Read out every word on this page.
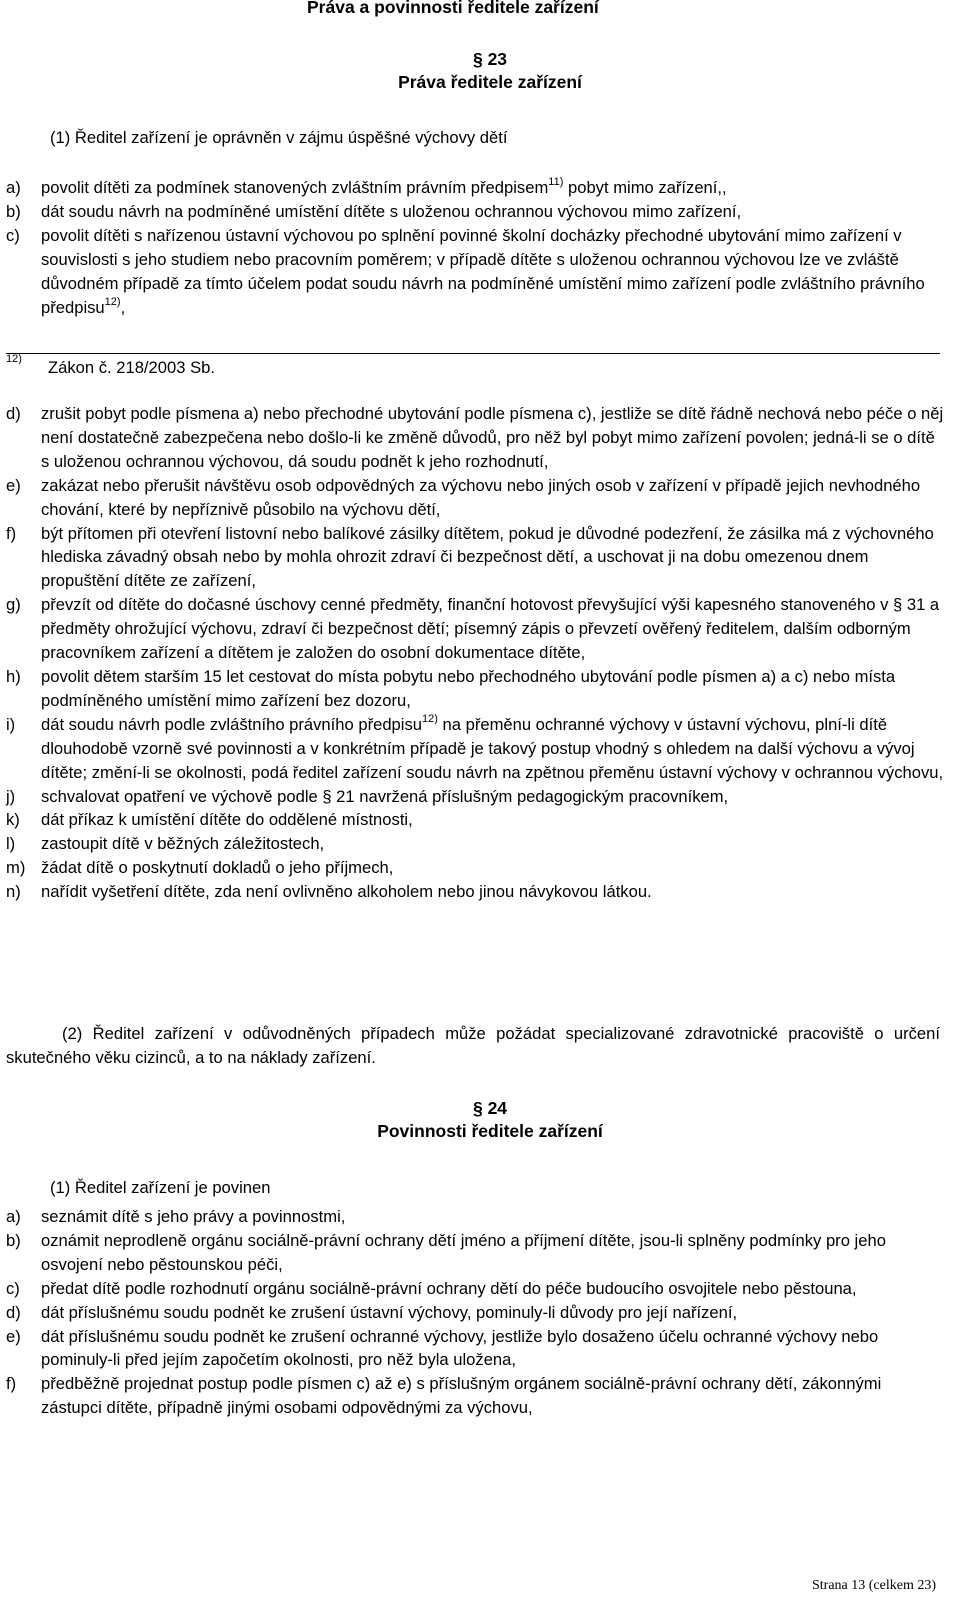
Práva a povinnosti ředitele zařízení
§ 23
Práva ředitele zařízení
(1) Ředitel zařízení je oprávněn v zájmu úspěšné výchovy dětí
a)	povolit dítěti za podmínek stanovených zvláštním právním předpisem$^{11)}$ pobyt mimo zařízení,,
b)	dát soudu návrh na podmíněné umístění dítěte s uloženou ochrannou výchovou mimo zařízení,
c)	povolit dítěti s nařízenou ústavní výchovou po splnění povinné školní docházky přechodné ubytování mimo zařízení v souvislosti s jeho studiem nebo pracovním poměrem; v případě dítěte s uloženou ochrannou výchovou lze ve zvláště důvodném případě za tímto účelem podat soudu návrh na podmíněné umístění mimo zařízení podle zvláštního právního předpisu$^{12)}$,
12) Zákon č. 218/2003 Sb.
d)	zrušit pobyt podle písmena a) nebo přechodné ubytování podle písmena c), jestliže se dítě řádně nechová nebo péče o něj není dostatečně zabezpečena nebo došlo-li ke změně důvodů, pro něž byl pobyt mimo zařízení povolen; jedná-li se o dítě s uloženou ochrannou výchovou, dá soudu podnět k jeho rozhodnutí,
e)	zakázat nebo přerušit návštěvu osob odpovědných za výchovu nebo jiných osob v zařízení v případě jejich nevhodného chování, které by nepříznivě působilo na výchovu dětí,
f)	být přítomen při otevření listovní nebo balíkové zásilky dítětem, pokud je důvodné podezření, že zásilka má z výchovného hlediska závadný obsah nebo by mohla ohrozit zdraví či bezpečnost dětí, a uschovat ji na dobu omezenou dnem propuštění dítěte ze zařízení,
g)	převzít od dítěte do dočasné úschovy cenné předměty, finanční hotovost převyšující výši kapesného stanoveného v § 31 a předměty ohrožující výchovu, zdraví či bezpečnost dětí; písemný zápis o převzetí ověřený ředitelem, dalším odborným pracovníkem zařízení a dítětem je založen do osobní dokumentace dítěte,
h)	povolit dětem starším 15 let cestovat do místa pobytu nebo přechodného ubytování podle písmen a) a c) nebo místa podmíněného umístění mimo zařízení bez dozoru,
i)	dát soudu návrh podle zvláštního právního předpisu$^{12)}$ na přeměnu ochranné výchovy v ústavní výchovu, plní-li dítě dlouhodobě vzorně své povinnosti a v konkrétním případě je takový postup vhodný s ohledem na další výchovu a vývoj dítěte; změní-li se okolnosti, podá ředitel zařízení soudu návrh na zpětnou přeměnu ústavní výchovy v ochrannou výchovu,
j)	schvalovat opatření ve výchově podle § 21 navržená příslušným pedagogickým pracovníkem,
k)	dát příkaz k umístění dítěte do oddělené místnosti,
l)	zastoupit dítě v běžných záležitostech,
m) žádat dítě o poskytnutí dokladů o jeho příjmech,
n)	nařídit vyšetření dítěte, zda není ovlivněno alkoholem nebo jinou návykovou látkou.
(2) Ředitel zařízení v odůvodněných případech může požádat specializované zdravotnické pracoviště o určení skutečného věku cizinců, a to na náklady zařízení.
§ 24
Povinnosti ředitele zařízení
(1) Ředitel zařízení je povinen
a)	seznámit dítě s jeho právy a povinnostmi,
b)	oznámit neprodleně orgánu sociálně-právní ochrany dětí jméno a příjmení dítěte, jsou-li splněny podmínky pro jeho osvojení nebo pěstounskou péči,
c)	předat dítě podle rozhodnutí orgánu sociálně-právní ochrany dětí do péče budoucího osvojitele nebo pěstouna,
d)	dát příslušnému soudu podnět ke zrušení ústavní výchovy, pominuly-li důvody pro její nařízení,
e)	dát příslušnému soudu podnět ke zrušení ochranné výchovy, jestliže bylo dosaženo účelu ochranné výchovy nebo pominuly-li před jejím započetím okolnosti, pro něž byla uložena,
f)	předběžně projednat postup podle písmen c) až e) s příslušným orgánem sociálně-právní ochrany dětí, zákonnými zástupci dítěte, případně jinými osobami odpovědnými za výchovu,
Strana 13 (celkem 23)
